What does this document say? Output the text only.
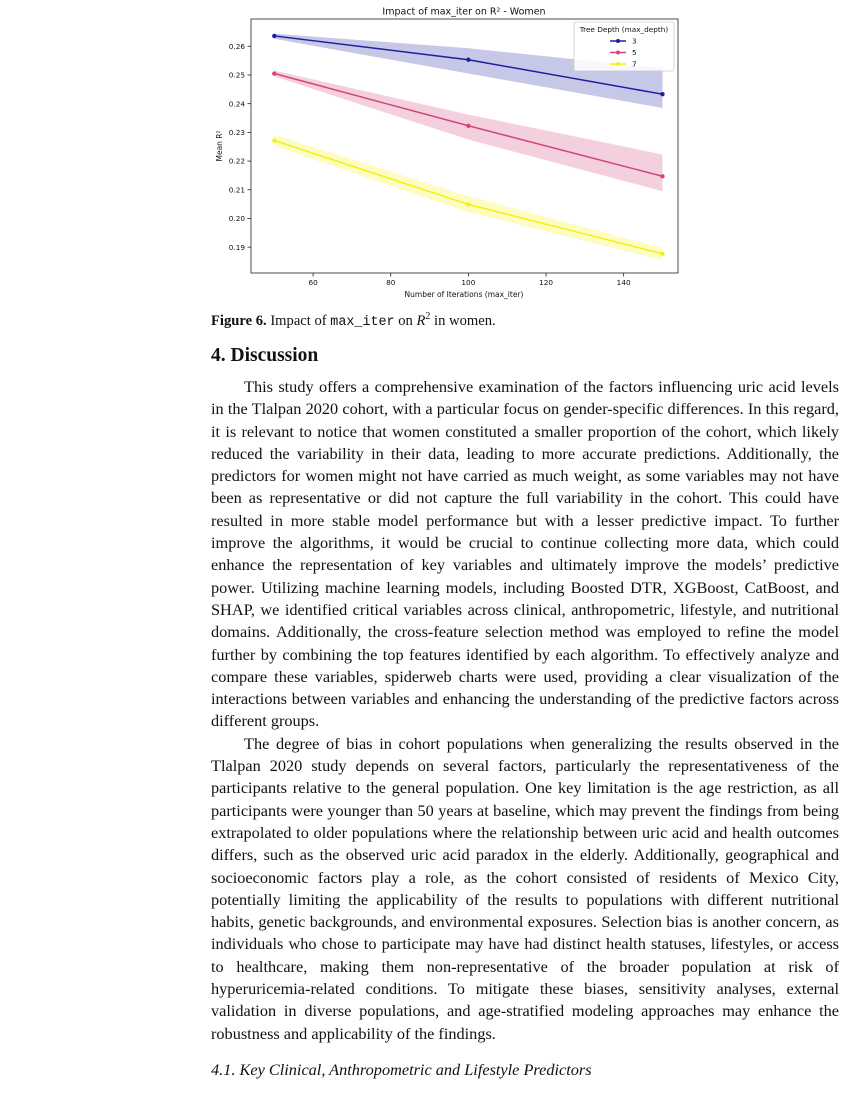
Impact of max_iter on R² - Women
60	80	100	120	140
0.19
0.20
0.21
0.22
0.23
0.24
0.25
0.26
Number of Iterations (max_iter)
Mean R²
Tree Depth (max_depth)
3
5
7
Figure 6. Impact of max_iter on $R^2$ in women.
4. Discussion

This study offers a comprehensive examination of the factors influencing uric acid levels in the Tlalpan 2020 cohort, with a particular focus on gender-specific differences. In this regard, it is relevant to notice that women constituted a smaller proportion of the cohort, which likely reduced the variability in their data, leading to more accurate predictions. Additionally, the predictors for women might not have carried as much weight, as some variables may not have been as representative or did not capture the full variability in the cohort. This could have resulted in more stable model performance but with a lesser predictive impact. To further improve the algorithms, it would be crucial to continue collecting more data, which could enhance the representation of key variables and ultimately improve the models’ predictive power. Utilizing machine learning models, including Boosted DTR, XGBoost, CatBoost, and SHAP, we identified critical variables across clinical, anthropometric, lifestyle, and nutritional domains. Additionally, the cross-feature selection method was employed to refine the model further by combining the top features identified by each algorithm. To effectively analyze and compare these variables, spiderweb charts were used, providing a clear visualization of the interactions between variables and enhancing the understanding of the predictive factors across different groups.

The degree of bias in cohort populations when generalizing the results observed in the Tlalpan 2020 study depends on several factors, particularly the representativeness of the participants relative to the general population. One key limitation is the age restriction, as all participants were younger than 50 years at baseline, which may prevent the findings from being extrapolated to older populations where the relationship between uric acid and health outcomes differs, such as the observed uric acid paradox in the elderly. Additionally, geographical and socioeconomic factors play a role, as the cohort consisted of residents of Mexico City, potentially limiting the applicability of the results to populations with different nutritional habits, genetic backgrounds, and environmental exposures. Selection bias is another concern, as individuals who chose to participate may have had distinct health statuses, lifestyles, or access to healthcare, making them non-representative of the broader population at risk of hyperuricemia-related conditions. To mitigate these biases, sensitivity analyses, external validation in diverse populations, and age-stratified modeling approaches may enhance the robustness and applicability of the findings.

4.1. Key Clinical, Anthropometric and Lifestyle Predictors
